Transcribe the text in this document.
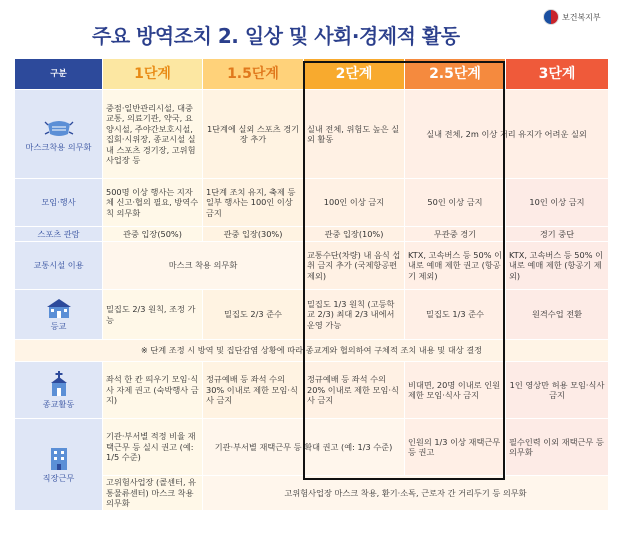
주요 방역조치 2. 일상 및 사회·경제적 활동
보건복지부
구분	1단계	1.5단계	2단계	2.5단계	3단계

마스크착용 의무화	중점·일반관리시설, 대중교통, 의료기관, 약국, 요양시설, 주야간보호시설, 집회·시위장, 종교시설 실내 스포츠 경기장, 고위험 사업장 등	1단계에 실외 스포츠 경기장 추가	실내 전체, 위험도 높은 실외 활동	실내 전체, 2m 이상 거리 유지가 어려운 실외	
모임·행사	500명 이상 행사는 지자체 신고·협의 필요, 방역수칙 의무화	1단계 조치 유지, 축제 등 일부 행사는 100인 이상 금지	100인 이상 금지	50인 이상 금지	10인 이상 금지
스포츠 관람	관중 입장(50%)	관중 입장(30%)	관중 입장(10%)	무관중 경기	경기 중단
교통시설 이용	마스크 착용 의무화		교통수단(차량) 내 음식 섭취 금지 추가 (국제항공편 제외)	KTX, 고속버스 등 50% 이내로 예매 제한 권고 (항공기 제외)	KTX, 고속버스 등 50% 이내로 예매 제한 (항공기 제외)

등교	밀집도 2/3 원칙, 조정 가능	밀집도 2/3 준수	밀집도 1/3 원칙 (고등학교 2/3) 최대 2/3 내에서 운영 가능	밀집도 1/3 준수	원격수업 전환
※ 단계 조정 시 방역 및 집단감염 상황에 따라 종교계와 협의하여 구체적 조치 내용 및 대상 결정					

종교활동	좌석 한 칸 띄우기 모임·식사 자제 권고 (숙박행사 금지)	정규예배 등 좌석 수의 30% 이내로 제한 모임·식사 금지	정규예배 등 좌석 수의 20% 이내로 제한 모임·식사 금지	비대면, 20명 이내로 인원 제한 모임·식사 금지	1인 영상만 허용 모임·식사 금지

직장근무	기관·부서별 적정 비율 재택근무 등 실시 권고 (예: 1/5 수준)	기관·부서별 재택근무 등 확대 권고 (예: 1/3 수준)		인원의 1/3 이상 재택근무 등 권고	필수인력 이외 재택근무 등 의무화
	고위험사업장 (콜센터, 유통물류센터) 마스크 착용 의무화	고위험사업장 마스크 착용, 환기·소독, 근로자 간 거리두기 등 의무화			
